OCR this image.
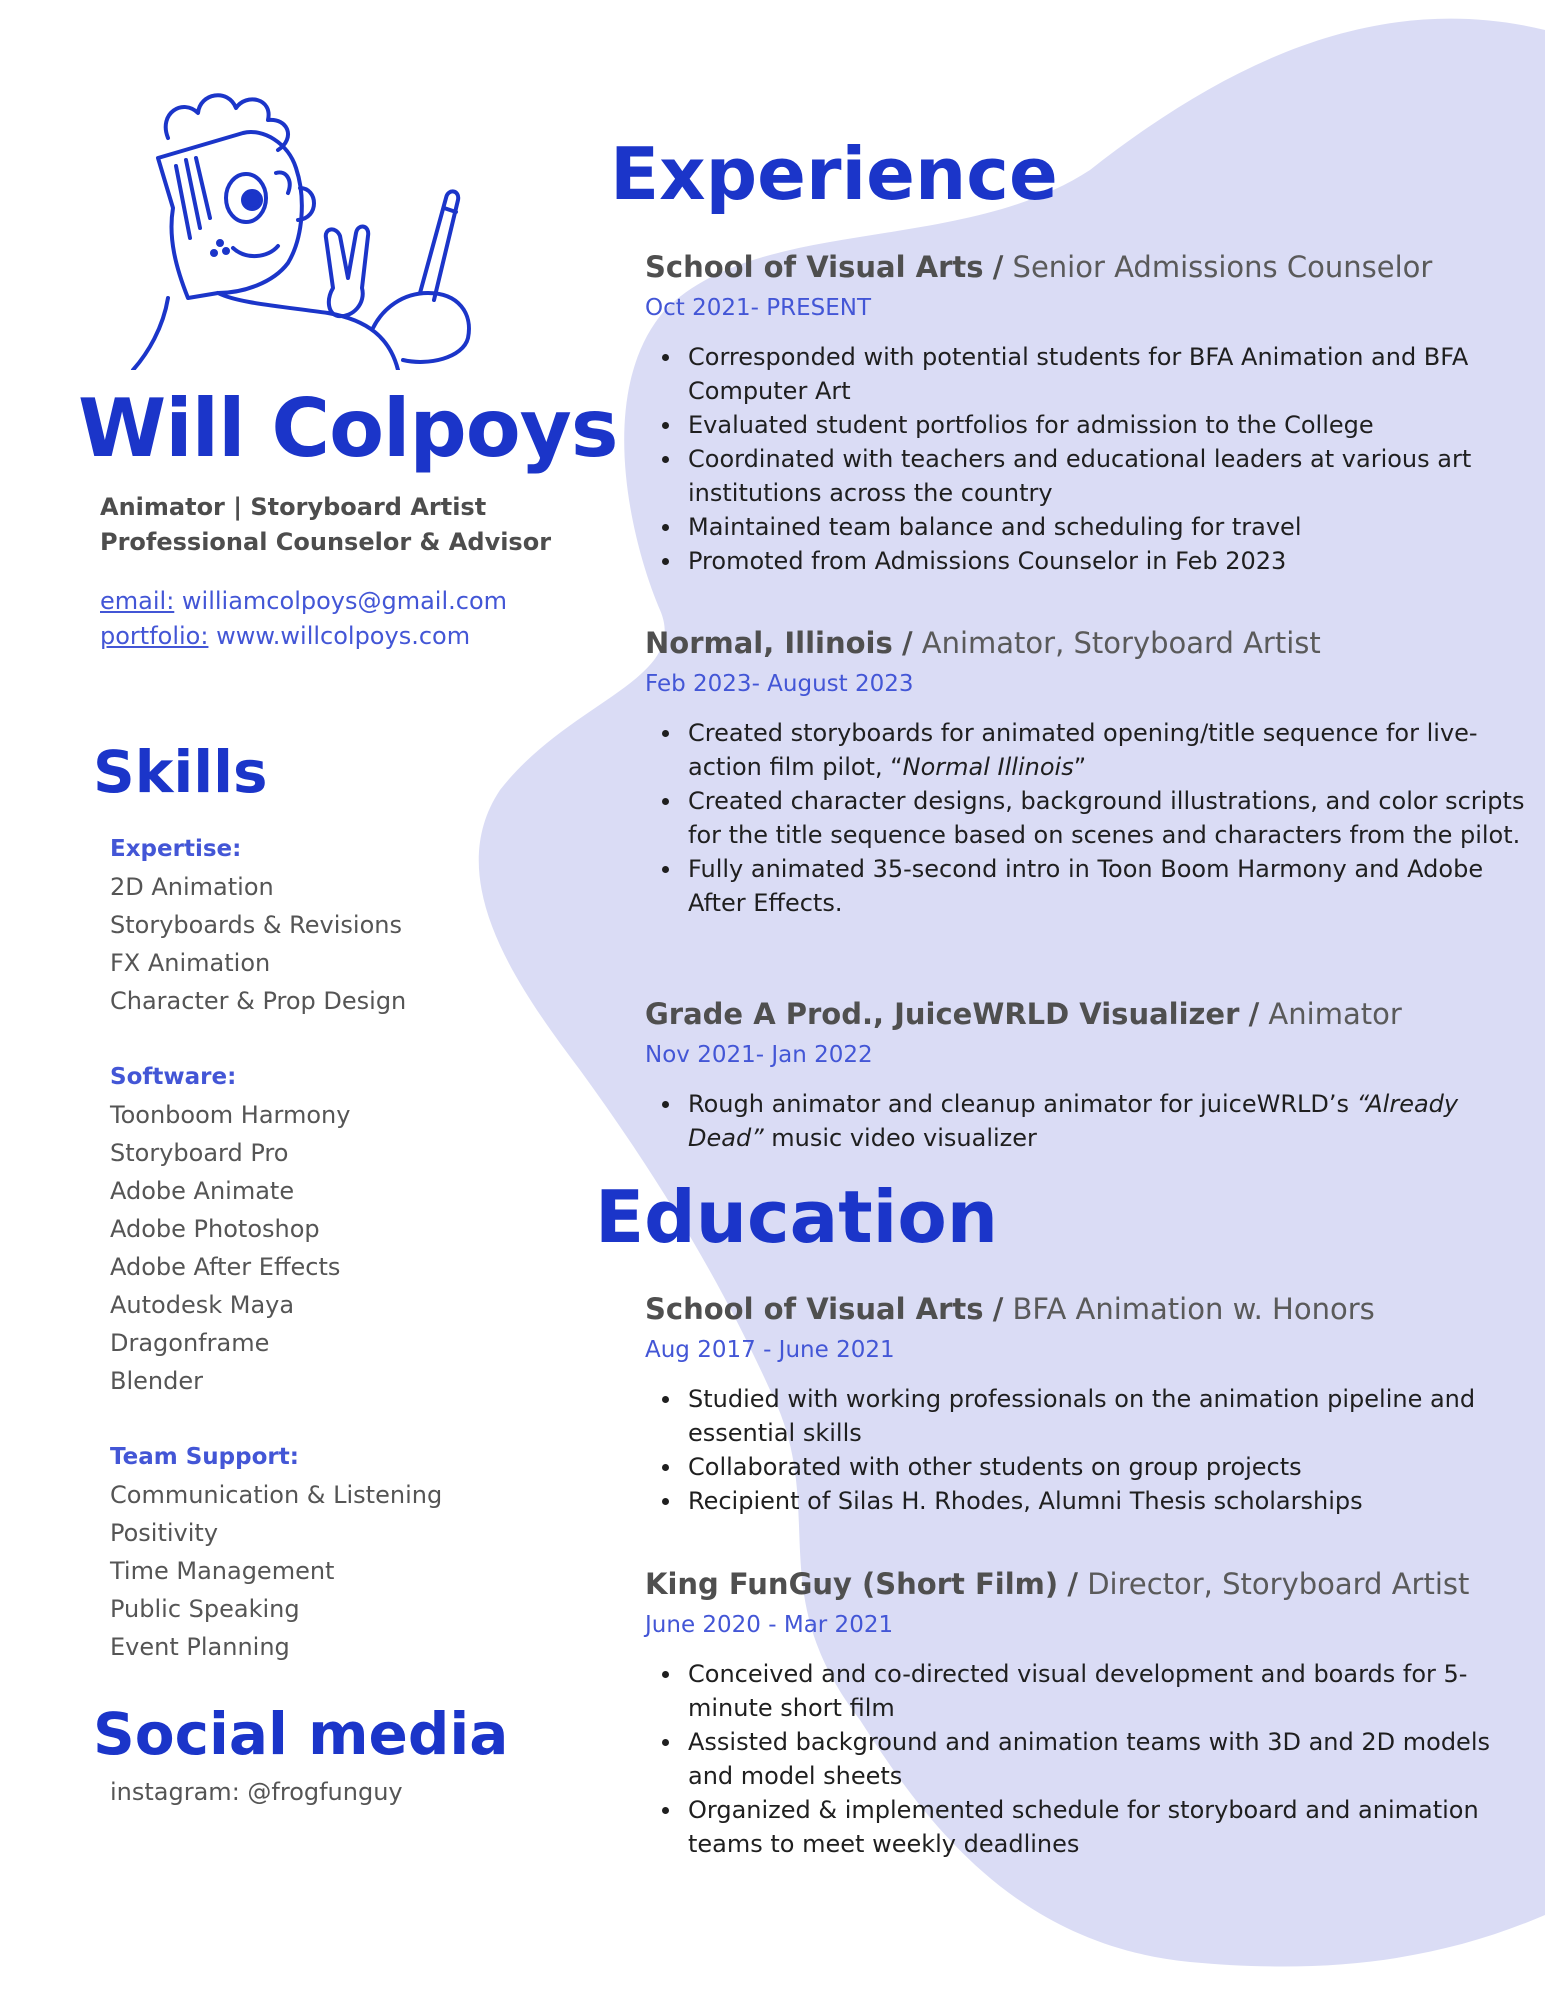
Will Colpoys
Animator | Storyboard Artist
Professional Counselor & Advisor
email: williamcolpoys@gmail.com
portfolio: www.willcolpoys.com
Skills
Expertise:
2D Animation
Storyboards & Revisions
FX Animation
Character & Prop Design
Software:
Toonboom Harmony
Storyboard Pro
Adobe Animate
Adobe Photoshop
Adobe After Effects
Autodesk Maya
Dragonframe
Blender
Team Support:
Communication & Listening
Positivity
Time Management
Public Speaking
Event Planning
Social media
instagram: @frogfunguy
Experience
Education
School of Visual Arts / Senior Admissions Counselor
Oct 2021- PRESENT
Corresponded with potential students for BFA Animation and BFA Computer Art
Evaluated student portfolios for admission to the College
Coordinated with teachers and educational leaders at various art institutions across the country
Maintained team balance and scheduling for travel
Promoted from Admissions Counselor in Feb 2023
Normal, Illinois / Animator, Storyboard Artist
Feb 2023- August 2023
Created storyboards for animated opening/title sequence for live-action film pilot, “Normal Illinois”
Created character designs, background illustrations, and color scripts for the title sequence based on scenes and characters from the pilot.
Fully animated 35-second intro in Toon Boom Harmony and Adobe After Effects.
Grade A Prod., JuiceWRLD Visualizer / Animator
Nov 2021- Jan 2022
Rough animator and cleanup animator for juiceWRLD’s “Already Dead” music video visualizer
School of Visual Arts / BFA Animation w. Honors
Aug 2017 - June 2021
Studied with working professionals on the animation pipeline and essential skills
Collaborated with other students on group projects
Recipient of Silas H. Rhodes, Alumni Thesis scholarships
King FunGuy (Short Film) / Director, Storyboard Artist
June 2020 - Mar 2021
Conceived and co-directed visual development and boards for 5-minute short film
Assisted background and animation teams with 3D and 2D models and model sheets
Organized & implemented schedule for storyboard and animation teams to meet weekly deadlines
